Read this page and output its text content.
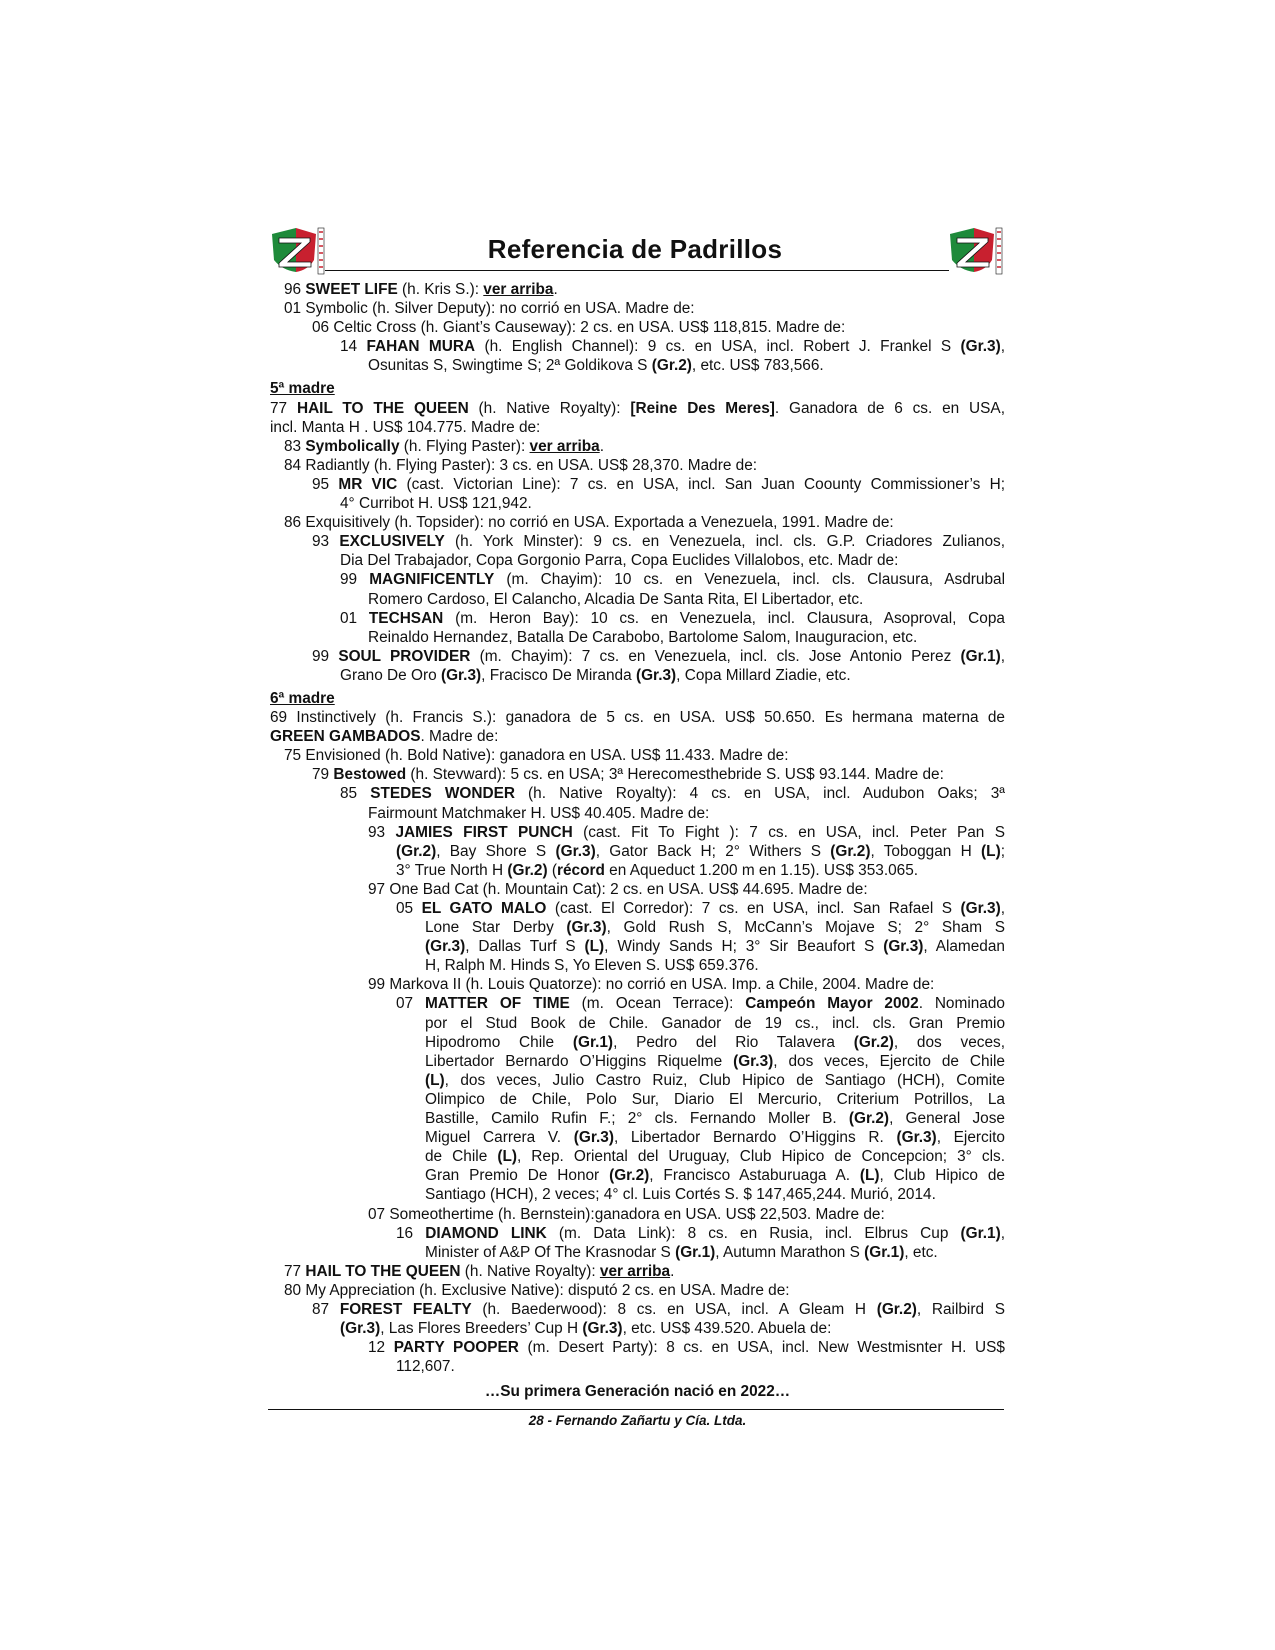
Referencia de Padrillos
96 SWEET LIFE (h. Kris S.): ver arriba.
01 Symbolic (h. Silver Deputy): no corrió en USA. Madre de:
06 Celtic Cross (h. Giant’s Causeway): 2 cs. en USA. US$ 118,815. Madre de:
14 FAHAN MURA (h. English Channel): 9 cs. en USA, incl. Robert J. Frankel S (Gr.3),
Osunitas S, Swingtime S; 2ª Goldikova S (Gr.2), etc. US$ 783,566.
5ª madre
77 HAIL TO THE QUEEN (h. Native Royalty): [Reine Des Meres]. Ganadora de 6 cs. en USA,
incl. Manta H . US$ 104.775. Madre de:
83 Symbolically (h. Flying Paster): ver arriba.
84 Radiantly (h. Flying Paster): 3 cs. en USA. US$ 28,370. Madre de:
95 MR VIC (cast. Victorian Line): 7 cs. en USA, incl. San Juan Coounty Commissioner’s H;
4° Curribot H. US$ 121,942.
86 Exquisitively (h. Topsider): no corrió en USA. Exportada a Venezuela, 1991. Madre de:
93 EXCLUSIVELY (h. York Minster): 9 cs. en Venezuela, incl. cls. G.P. Criadores Zulianos,
Dia Del Trabajador, Copa Gorgonio Parra, Copa Euclides Villalobos, etc. Madr de:
99 MAGNIFICENTLY (m. Chayim): 10 cs. en Venezuela, incl. cls. Clausura, Asdrubal
Romero Cardoso, El Calancho, Alcadia De Santa Rita, El Libertador, etc.
01 TECHSAN (m. Heron Bay): 10 cs. en Venezuela, incl. Clausura, Asoproval, Copa
Reinaldo Hernandez, Batalla De Carabobo, Bartolome Salom, Inauguracion, etc.
99 SOUL PROVIDER (m. Chayim): 7 cs. en Venezuela, incl. cls. Jose Antonio Perez (Gr.1),
Grano De Oro (Gr.3), Fracisco De Miranda (Gr.3), Copa Millard Ziadie, etc.
6ª madre
69 Instinctively (h. Francis S.): ganadora de 5 cs. en USA. US$ 50.650. Es hermana materna de
GREEN GAMBADOS. Madre de:
75 Envisioned (h. Bold Native): ganadora en USA. US$ 11.433. Madre de:
79 Bestowed (h. Stevward): 5 cs. en USA; 3ª Herecomesthebride S. US$ 93.144. Madre de:
85 STEDES WONDER (h. Native Royalty): 4 cs. en USA, incl. Audubon Oaks; 3ª
Fairmount Matchmaker H. US$ 40.405. Madre de:
93 JAMIES FIRST PUNCH (cast. Fit To Fight ): 7 cs. en USA, incl. Peter Pan S
(Gr.2), Bay Shore S (Gr.3), Gator Back H; 2° Withers S (Gr.2), Toboggan H (L);
3° True North H (Gr.2) (récord en Aqueduct 1.200 m en 1.15). US$ 353.065.
97 One Bad Cat (h. Mountain Cat): 2 cs. en USA. US$ 44.695. Madre de:
05 EL GATO MALO (cast. El Corredor): 7 cs. en USA, incl. San Rafael S (Gr.3),
Lone Star Derby (Gr.3), Gold Rush S, McCann’s Mojave S; 2° Sham S
(Gr.3), Dallas Turf S (L), Windy Sands H; 3° Sir Beaufort S (Gr.3), Alamedan
H, Ralph M. Hinds S, Yo Eleven S. US$ 659.376.
99 Markova II (h. Louis Quatorze): no corrió en USA. Imp. a Chile, 2004. Madre de:
07 MATTER OF TIME (m. Ocean Terrace): Campeón Mayor 2002. Nominado
por el Stud Book de Chile. Ganador de 19 cs., incl. cls. Gran Premio
Hipodromo Chile (Gr.1), Pedro del Rio Talavera (Gr.2), dos veces,
Libertador Bernardo O’Higgins Riquelme (Gr.3), dos veces, Ejercito de Chile
(L), dos veces, Julio Castro Ruiz, Club Hipico de Santiago (HCH), Comite
Olimpico de Chile, Polo Sur, Diario El Mercurio, Criterium Potrillos, La
Bastille, Camilo Rufin F.; 2° cls. Fernando Moller B. (Gr.2), General Jose
Miguel Carrera V. (Gr.3), Libertador Bernardo O’Higgins R. (Gr.3), Ejercito
de Chile (L), Rep. Oriental del Uruguay, Club Hipico de Concepcion; 3° cls.
Gran Premio De Honor (Gr.2), Francisco Astaburuaga A. (L), Club Hipico de
Santiago (HCH), 2 veces; 4° cl. Luis Cortés S. $ 147,465,244. Murió, 2014.
07 Someothertime (h. Bernstein):ganadora en USA. US$ 22,503. Madre de:
16 DIAMOND LINK (m. Data Link): 8 cs. en Rusia, incl. Elbrus Cup (Gr.1),
Minister of A&P Of The Krasnodar S (Gr.1), Autumn Marathon S (Gr.1), etc.
77 HAIL TO THE QUEEN (h. Native Royalty): ver arriba.
80 My Appreciation (h. Exclusive Native): disputó 2 cs. en USA. Madre de:
87 FOREST FEALTY (h. Baederwood): 8 cs. en USA, incl. A Gleam H (Gr.2), Railbird S
(Gr.3), Las Flores Breeders’ Cup H (Gr.3), etc. US$ 439.520. Abuela de:
12 PARTY POOPER (m. Desert Party): 8 cs. en USA, incl. New Westmisnter H. US$
112,607.
…Su primera Generación nació en 2022…
28 - Fernando Zañartu y Cía. Ltda.
